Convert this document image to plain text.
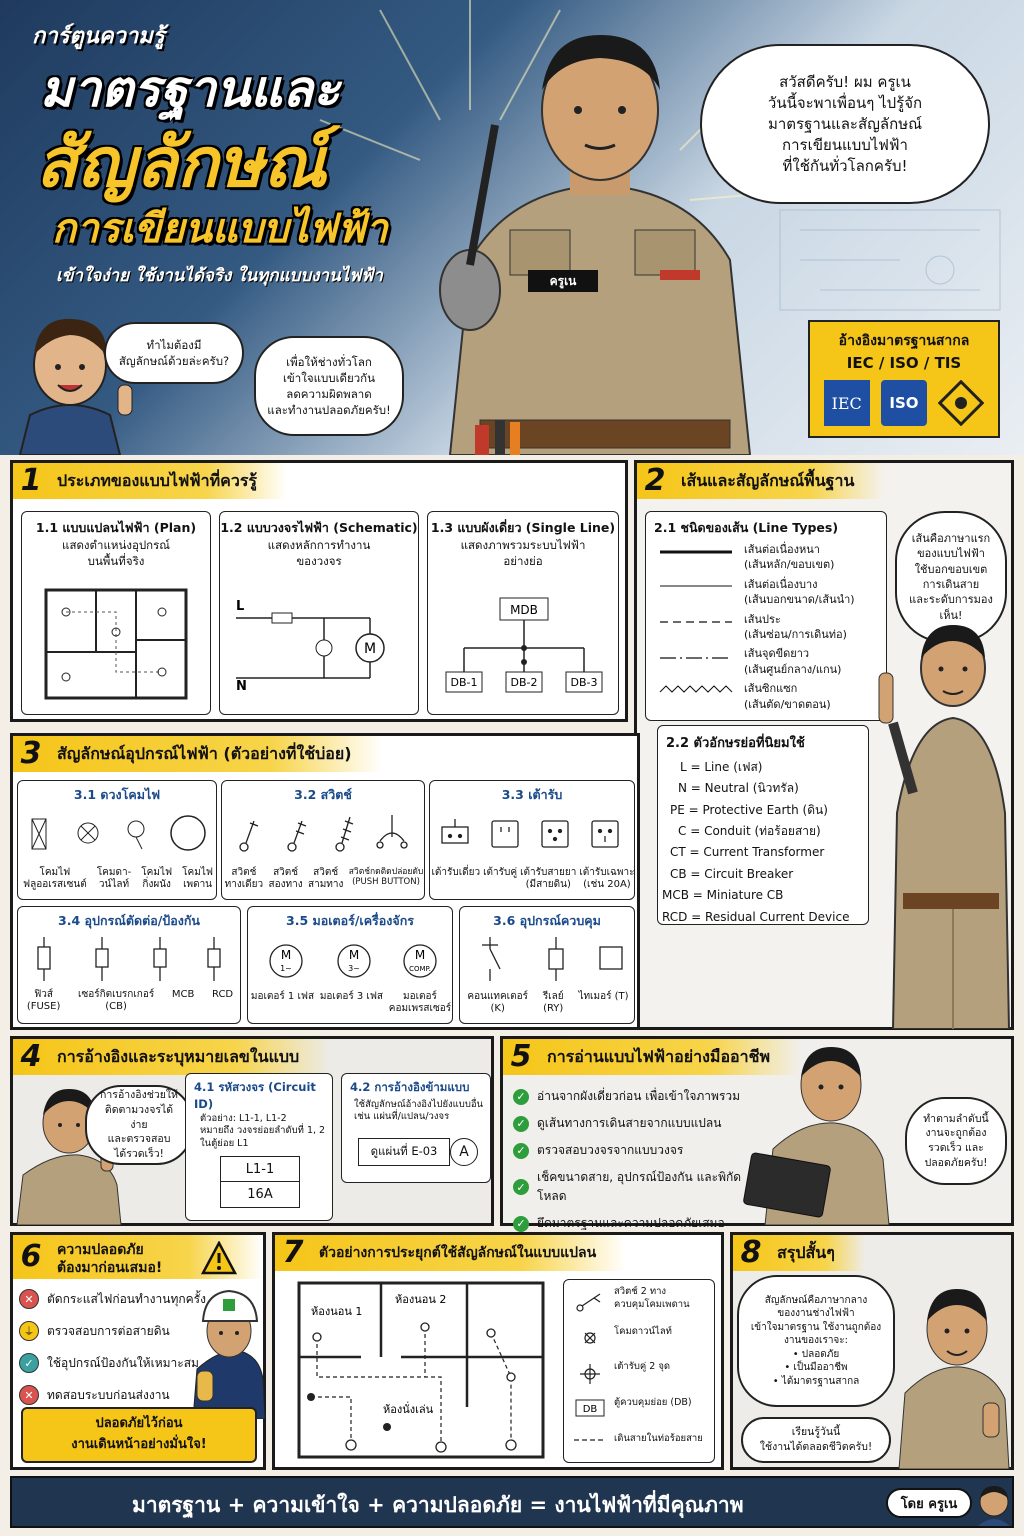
การ์ตูนความรู้
มาตรฐานและ
สัญลักษณ์
การเขียนแบบไฟฟ้า
เข้าใจง่าย ใช้งานได้จริง ในทุกแบบงานไฟฟ้า	ครูเน
สวัสดีครับ! ผม ครูเน
วันนี้จะพาเพื่อนๆ ไปรู้จัก
มาตรฐานและสัญลักษณ์
การเขียนแบบไฟฟ้า
ที่ใช้กันทั่วโลกครับ!
ทำไมต้องมี
สัญลักษณ์ด้วยล่ะครับ?	เพื่อให้ช่างทั่วโลก
เข้าใจแบบเดียวกัน
ลดความผิดพลาด
และทำงานปลอดภัยครับ!
อ้างอิงมาตรฐานสากล
IEC / ISO / TIS
IEC	ISO
1 ประเภทของแบบไฟฟ้าที่ควรรู้
1.1 แบบแปลนไฟฟ้า (Plan)
แสดงตำแหน่งอุปกรณ์
บนพื้นที่จริง
1.2 แบบวงจรไฟฟ้า (Schematic)
แสดงหลักการทำงาน
ของวงจร
L
N
M
1.3 แบบผังเดี่ยว (Single Line)
แสดงภาพรวมระบบไฟฟ้า
อย่างย่อ
MDB
DB-1	DB-2	DB-3
2 เส้นและสัญลักษณ์พื้นฐาน
2.1 ชนิดของเส้น (Line Types)
เส้นต่อเนื่องหนา
(เส้นหลัก/ขอบเขต)
เส้นต่อเนื่องบาง
(เส้นบอกขนาด/เส้นนำ)
เส้นประ
(เส้นซ่อน/การเดินท่อ)
เส้นจุดขีดยาว
(เส้นศูนย์กลาง/แกน)
เส้นซิกแซก
(เส้นตัด/ขาดตอน)
เส้นคือภาษาแรก
ของแบบไฟฟ้า
ใช้บอกขอบเขต
การเดินสาย
และระดับการมองเห็น!
2.2 ตัวอักษรย่อที่นิยมใช้
L = Line (เฟส)
N = Neutral (นิวทรัล)
PE = Protective Earth (ดิน)
C = Conduit (ท่อร้อยสาย)
CT = Current Transformer
CB = Circuit Breaker
MCB = Miniature CB
RCD = Residual Current Device
3 สัญลักษณ์อุปกรณ์ไฟฟ้า (ตัวอย่างที่ใช้บ่อย)
3.1 ดวงโคมไฟ
โคมไฟ
ฟลูออเรสเซนต์
โคมดา-
วน์ไลท์
โคมไฟ
กิ่งผนัง
โคมไฟ
เพดาน
3.2 สวิตช์
สวิตช์
ทางเดียว
สวิตช์
สองทาง
สวิตช์
สามทาง
สวิตช์กดติดปล่อยดับ
(PUSH BUTTON)
3.3 เต้ารับ
เต้ารับเดี่ยว เต้ารับคู่ เต้ารับสายยา
(มีสายดิน)
เต้ารับเฉพาะ
(เช่น 20A)
3.4 อุปกรณ์ตัดต่อ/ป้องกัน
ฟิวส์
(FUSE)
เซอร์กิตเบรกเกอร์
(CB)
MCB RCD
3.5 มอเตอร์/เครื่องจักร
M
1~
M
3~
M
COMP.
มอเตอร์ 1 เฟส มอเตอร์ 3 เฟส	มอเตอร์
คอมเพรสเซอร์
3.6 อุปกรณ์ควบคุม
คอนแทคเตอร์
(K)
รีเลย์
(RY)
ไทเมอร์ (T)
4 การอ้างอิงและระบุหมายเลขในแบบ
การอ้างอิงช่วยให้
ติดตามวงจรได้ง่าย
และตรวจสอบ
ได้รวดเร็ว!
4.1 รหัสวงจร (Circuit ID)
ตัวอย่าง: L1-1, L1-2
หมายถึง วงจรย่อยลำดับที่ 1, 2
ในตู้ย่อย L1
L1-1
16A
4.2 การอ้างอิงข้ามแบบ
ใช้สัญลักษณ์อ้างอิงไปยังแบบอื่น
เช่น แผ่นที่/แปลน/วงจร
ดูแผ่นที่ E-03	A
5 การอ่านแบบไฟฟ้าอย่างมืออาชีพ
✓ อ่านจากผังเดี่ยวก่อน เพื่อเข้าใจภาพรวม
✓ ดูเส้นทางการเดินสายจากแบบแปลน
✓ ตรวจสอบวงจรจากแบบวงจร
✓
เช็คขนาดสาย, อุปกรณ์ป้องกัน และพิกัดโหลด
✓ ยึดมาตรฐานและความปลอดภัยเสมอ
ทำตามลำดับนี้
งานจะถูกต้อง
รวดเร็ว และ
ปลอดภัยครับ!
6	ความปลอดภัย
ต้องมาก่อนเสมอ!
✕	ตัดกระแสไฟก่อนทำงานทุกครั้ง
⏚	ตรวจสอบการต่อสายดิน
✓	ใช้อุปกรณ์ป้องกันให้เหมาะสม
✕	ทดสอบระบบก่อนส่งงาน
ปลอดภัยไว้ก่อน
งานเดินหน้าอย่างมั่นใจ!
7	ตัวอย่างการประยุกต์ใช้สัญลักษณ์ในแบบแปลน
ห้องนอน 1
ห้องนอน 2
ห้องนั่งเล่น	DB
สวิตช์ 2 ทาง
ควบคุมโคมเพดาน
โคมดาวน์ไลท์
เต้ารับคู่ 2 จุด
ตู้ควบคุมย่อย (DB)
เดินสายในท่อร้อยสาย
8 สรุปสั้นๆ
สัญลักษณ์คือภาษากลาง
ของงานช่างไฟฟ้า
เข้าใจมาตรฐาน ใช้งานถูกต้อง
งานของเราจะ:
• ปลอดภัย
• เป็นมืออาชีพ
• ได้มาตรฐานสากล
เรียนรู้วันนี้
ใช้งานได้ตลอดชีวิตครับ!
มาตรฐาน + ความเข้าใจ + ความปลอดภัย = งานไฟฟ้าที่มีคุณภาพ	โดย ครูเน
